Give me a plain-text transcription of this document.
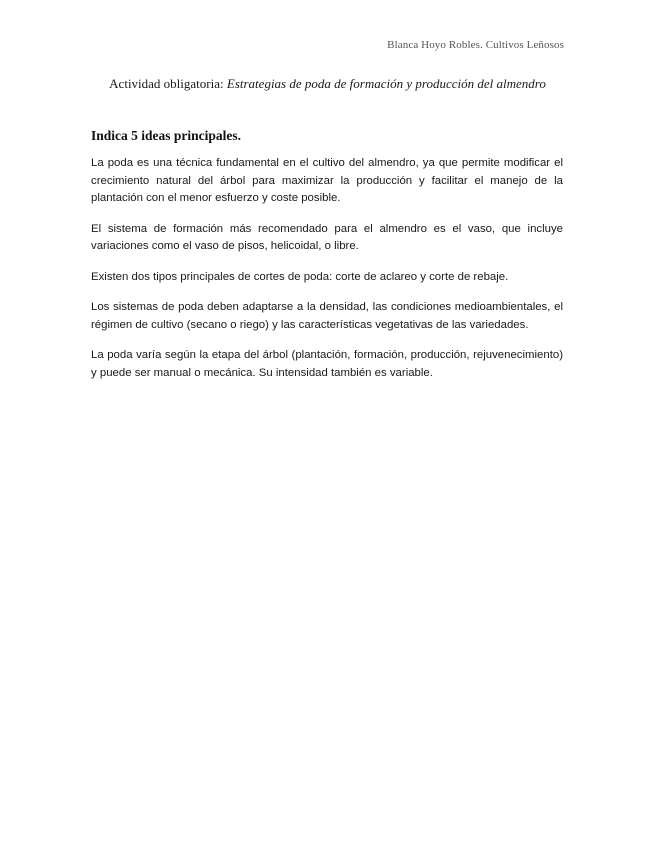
Blanca Hoyo Robles. Cultivos Leñosos
Actividad obligatoria: Estrategias de poda de formación y producción del almendro
Indica 5 ideas principales.

La poda es una técnica fundamental en el cultivo del almendro, ya que permite modificar el crecimiento natural del árbol para maximizar la producción y facilitar el manejo de la plantación con el menor esfuerzo y coste posible.

El sistema de formación más recomendado para el almendro es el vaso, que incluye variaciones como el vaso de pisos, helicoidal, o libre.

Existen dos tipos principales de cortes de poda: corte de aclareo y corte de rebaje.

Los sistemas de poda deben adaptarse a la densidad, las condiciones medioambientales, el régimen de cultivo (secano o riego) y las características vegetativas de las variedades.

La poda varía según la etapa del árbol (plantación, formación, producción, rejuvenecimiento) y puede ser manual o mecánica. Su intensidad también es variable.
